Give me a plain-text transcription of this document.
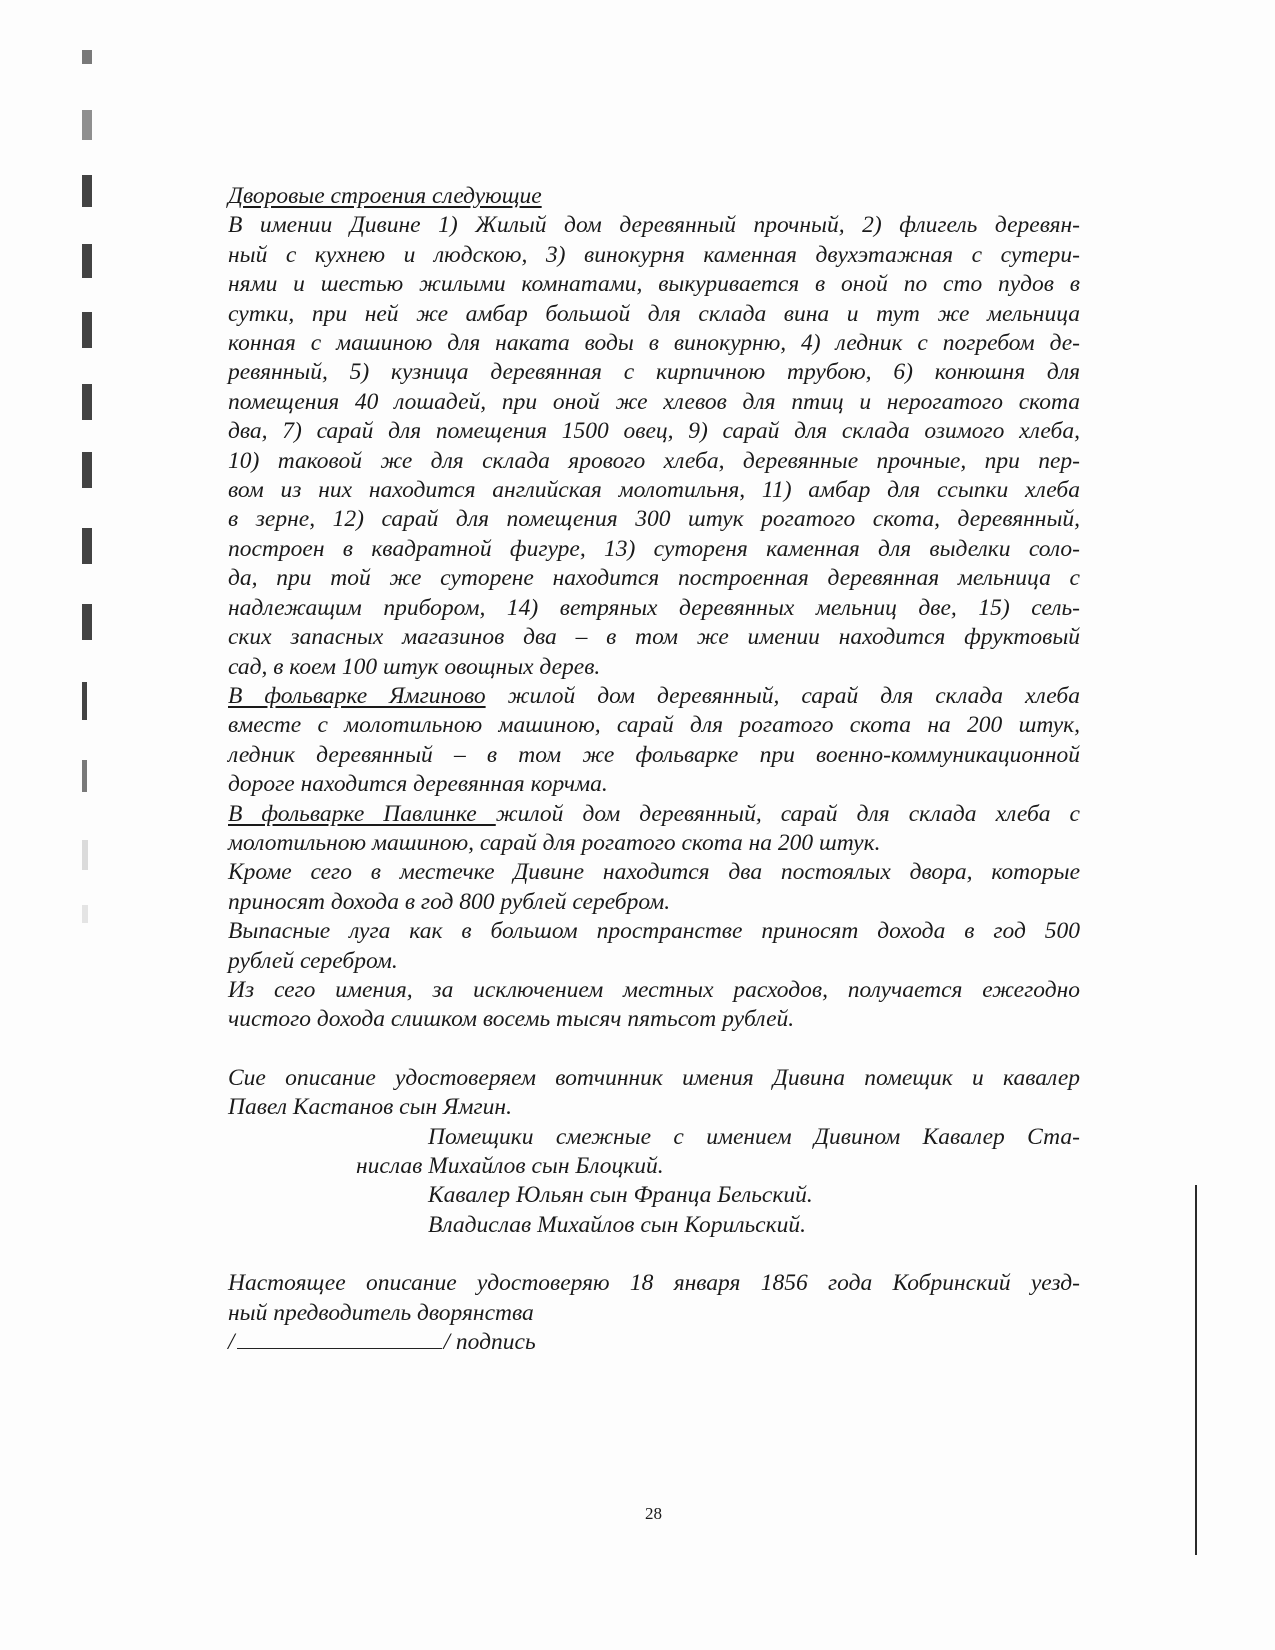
Дворовые строения следующие
В имении Дивине 1) Жилый дом деревянный прочный, 2) флигель деревян-
ный с кухнею и людскою, 3) винокурня каменная двухэтажная с сутери-
нями и шестью жилыми комнатами, выкуривается в оной по сто пудов в
сутки, при ней же амбар большой для склада вина и тут же мельница
конная с машиною для наката воды в винокурню, 4) ледник с погребом де-
ревянный, 5) кузница деревянная с кирпичною трубою, 6) конюшня для
помещения 40 лошадей, при оной же хлевов для птиц и нерогатого скота
два, 7) сарай для помещения 1500 овец, 9) сарай для склада озимого хлеба,
10) таковой же для склада ярового хлеба, деревянные прочные, при пер-
вом из них находится английская молотильня, 11) амбар для ссыпки хлеба
в зерне, 12) сарай для помещения 300 штук рогатого скота, деревянный,
построен в квадратной фигуре, 13) сутореня каменная для выделки соло-
да, при той же суторене находится построенная деревянная мельница с
надлежащим прибором, 14) ветряных деревянных мельниц две, 15) сель-
ских запасных магазинов два – в том же имении находится фруктовый
сад, в коем 100 штук овощных дерев.
В фольварке Ямгиново жилой дом деревянный, сарай для склада хлеба
вместе с молотильною машиною, сарай для рогатого скота на 200 штук,
ледник деревянный – в том же фольварке при военно-коммуникационной
дороге находится деревянная корчма.
В фольварке Павлинке жилой дом деревянный, сарай для склада хлеба с
молотильною машиною, сарай для рогатого скота на 200 штук.
Кроме сего в местечке Дивине находится два постоялых двора, которые
приносят дохода в год 800 рублей серебром.
Выпасные луга как в большом пространстве приносят дохода в год 500
рублей серебром.
Из сего имения, за исключением местных расходов, получается ежегодно
чистого дохода слишком восемь тысяч пятьсот рублей.
Сие описание удостоверяем вотчинник имения Дивина помещик и кавалер
Павел Кастанов сын Ямгин.
Помещики смежные с имением Дивином Кавалер Ста-
нислав Михайлов сын Блоцкий.
Кавалер Юльян сын Франца Бельский.
Владислав Михайлов сын Корильский.
Настоящее описание удостоверяю 18 января 1856 года Кобринский уезд-
ный предводитель дворянства
/	/ подпись
28
